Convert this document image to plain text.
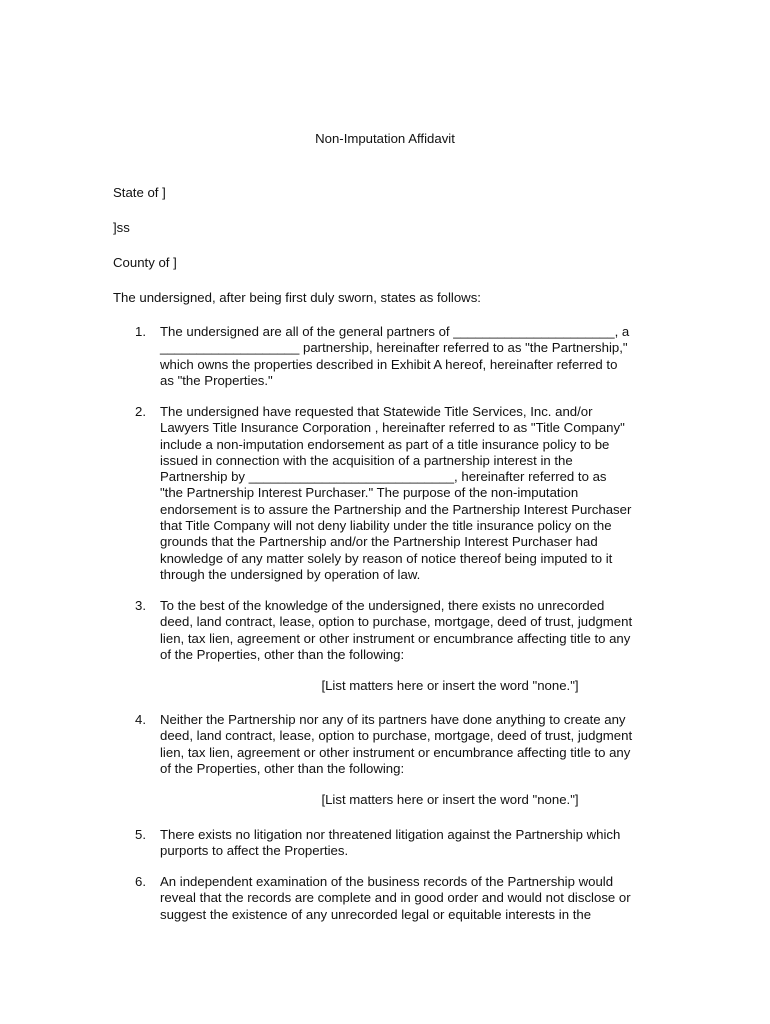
Non-Imputation Affidavit
State of ]
]ss
County of ]
The undersigned, after being first duly sworn, states as follows:
1. The undersigned are all of the general partners of ______________________, a
___________________ partnership, hereinafter referred to as "the Partnership,"
which owns the properties described in Exhibit A hereof, hereinafter referred to
as "the Properties."
2. The undersigned have requested that Statewide Title Services, Inc. and/or
Lawyers Title Insurance Corporation , hereinafter referred to as "Title Company"
include a non-imputation endorsement as part of a title insurance policy to be
issued in connection with the acquisition of a partnership interest in the
Partnership by ____________________________, hereinafter referred to as
"the Partnership Interest Purchaser." The purpose of the non-imputation
endorsement is to assure the Partnership and the Partnership Interest Purchaser
that Title Company will not deny liability under the title insurance policy on the
grounds that the Partnership and/or the Partnership Interest Purchaser had
knowledge of any matter solely by reason of notice thereof being imputed to it
through the undersigned by operation of law.
3. To the best of the knowledge of the undersigned, there exists no unrecorded
deed, land contract, lease, option to purchase, mortgage, deed of trust, judgment
lien, tax lien, agreement or other instrument or encumbrance affecting title to any
of the Properties, other than the following:
[List matters here or insert the word "none."]
4. Neither the Partnership nor any of its partners have done anything to create any
deed, land contract, lease, option to purchase, mortgage, deed of trust, judgment
lien, tax lien, agreement or other instrument or encumbrance affecting title to any
of the Properties, other than the following:
[List matters here or insert the word "none."]
5. There exists no litigation nor threatened litigation against the Partnership which
purports to affect the Properties.
6. An independent examination of the business records of the Partnership would
reveal that the records are complete and in good order and would not disclose or
suggest the existence of any unrecorded legal or equitable interests in the
